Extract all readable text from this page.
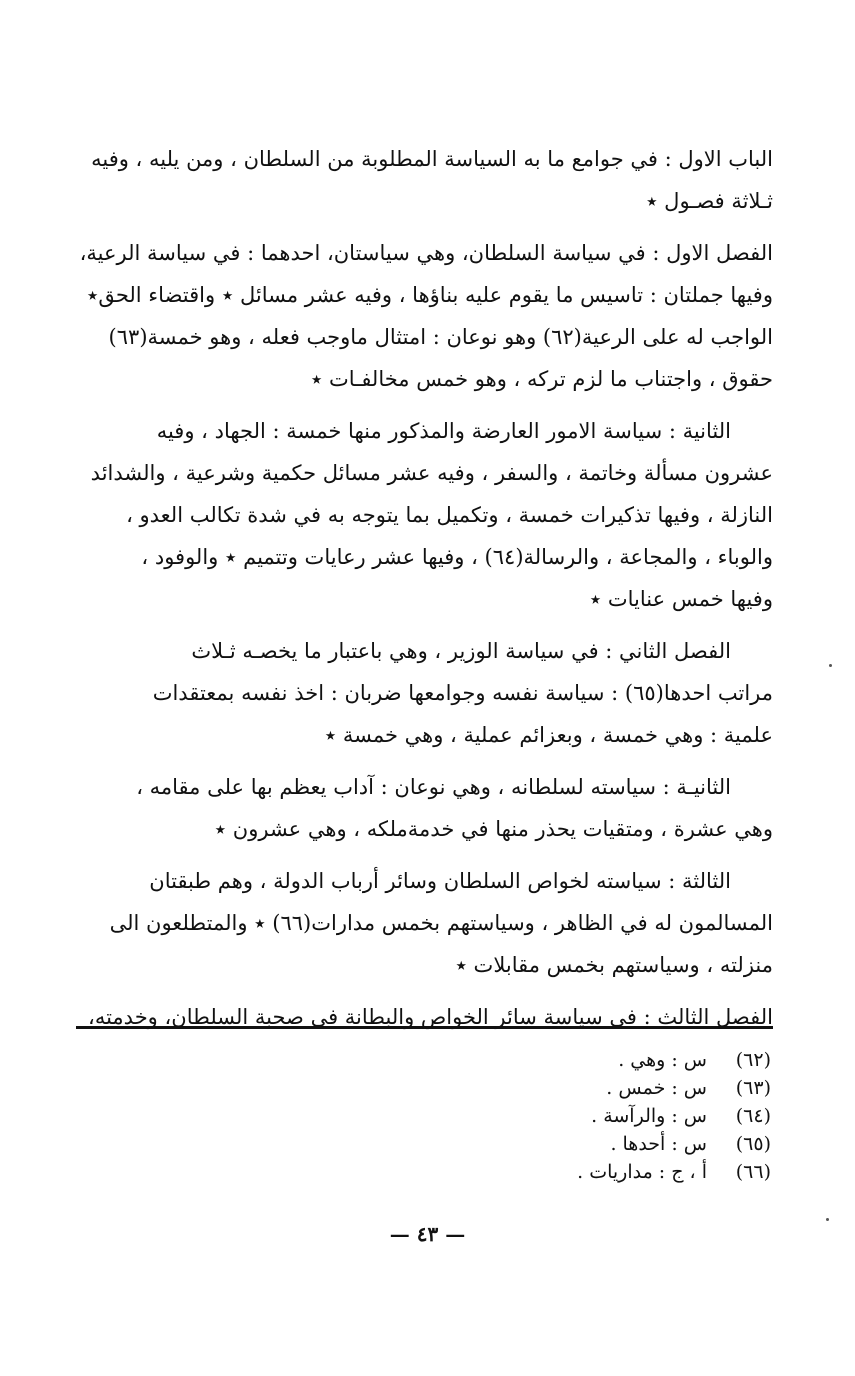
الباب الاول : في جوامع ما به السياسة المطلوبة من السلطان ، ومن يليه ، وفيه
ثـلاثة فصـول ٭

الفصل الاول : في سياسة السلطان، وهي سياستان، احدهما : في سياسة الرعية،
وفيها جملتان : تاسيس ما يقوم عليه بناؤها ، وفيه عشر مسائل ٭ واقتضاء الحق٭
الواجب له على الرعية(٦٢) وهو نوعان : امتثال ماوجب فعله ، وهو خمسة(٦٣)
حقوق ، واجتناب ما لزم تركه ، وهو خمس مخالفـات ٭

الثانية : سياسة الامور العارضة والمذكور منها خمسة : الجهاد ، وفيه
عشرون مسألة وخاتمة ، والسفر ، وفيه عشر مسائل حكمية وشرعية ، والشدائد
النازلة ، وفيها تذكيرات خمسة ، وتكميل بما يتوجه به في شدة تكالب العدو ،
والوباء ، والمجاعة ، والرسالة(٦٤) ، وفيها عشر رعايات وتتميم ٭ والوفود ،
وفيها خمس عنايات ٭

الفصل الثاني : في سياسة الوزير ، وهي باعتبار ما يخصـه ثـلاث
مراتب احدها(٦٥) : سياسة نفسه وجوامعها ضربان : اخذ نفسه بمعتقدات
علمية : وهي خمسة ، وبعزائم عملية ، وهي خمسة ٭

الثانيـة : سياسته لسلطانه ، وهي نوعان : آداب يعظم بها على مقامه ،
وهي عشرة ، ومتقيات يحذر منها في خدمةملكه ، وهي عشرون ٭

الثالثة : سياسته لخواص السلطان وسائر أرباب الدولة ، وهم طبقتان
المسالمون له في الظاهر ، وسياستهم بخمس مدارات(٦٦) ٭ والمتطلعون الى
منزلته ، وسياستهم بخمس مقابلات ٭

الفصل الثالث : في سياسة سائر الخواص والبطانة في صحبة السلطان، وخدمته،

(٦٢)
س : وهي .
(٦٣)
س : خمس .
(٦٤)
س : والرآسة .
(٦٥)
س : أحدها .
(٦٦)
أ ، ج : مداريات .
— ٤٣ —
